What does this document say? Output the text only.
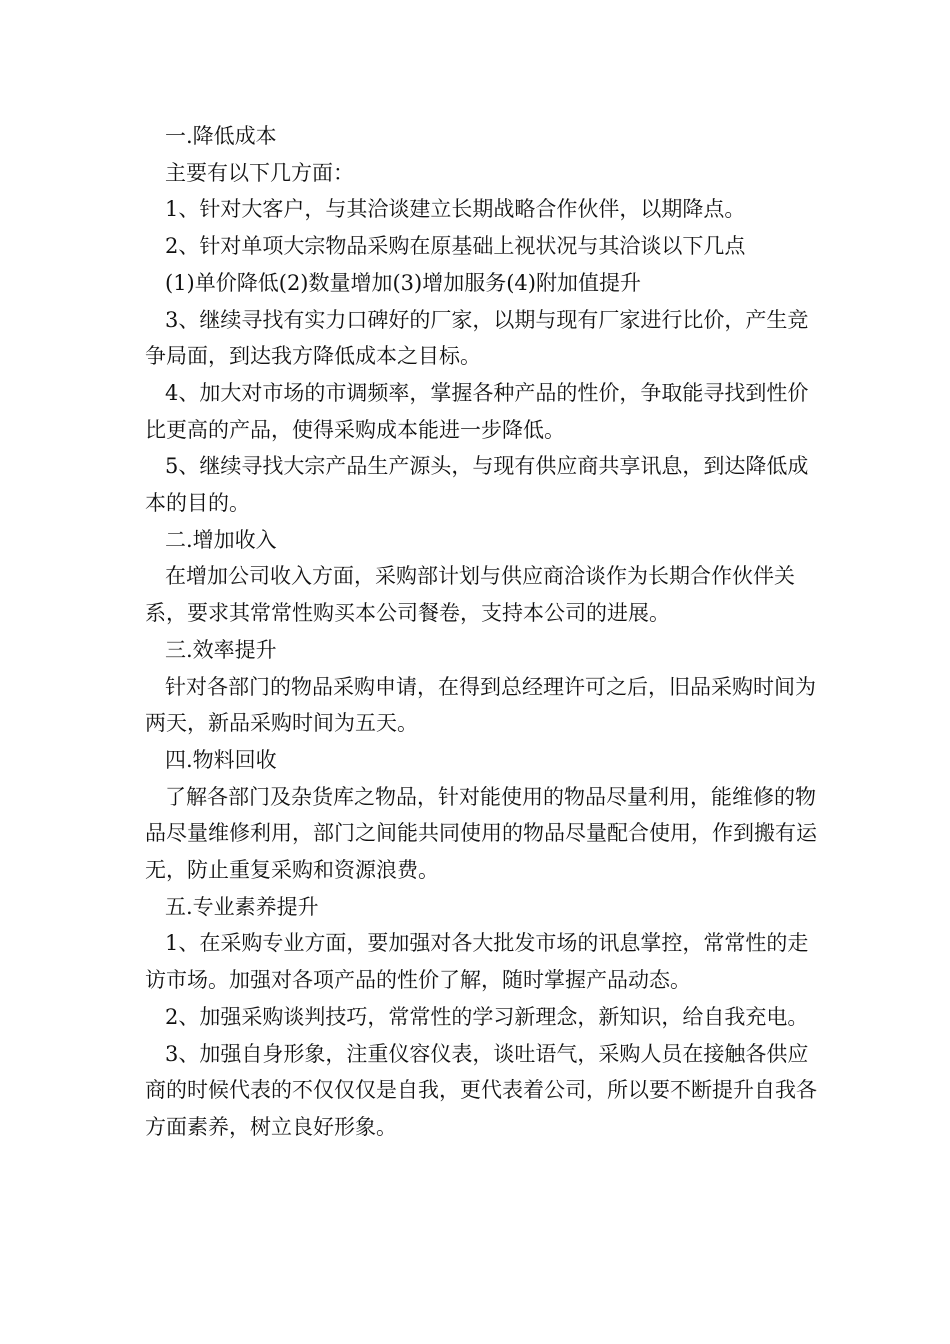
一.降低成本

主要有以下几方面：

1、针对大客户，与其洽谈建立长期战略合作伙伴，以期降点。

2、针对单项大宗物品采购在原基础上视状况与其洽谈以下几点

(1)单价降低(2)数量增加(3)增加服务(4)附加值提升

3、继续寻找有实力口碑好的厂家，以期与现有厂家进行比价，产生竞争局面，到达我方降低成本之目标。

4、加大对市场的市调频率，掌握各种产品的性价，争取能寻找到性价比更高的产品，使得采购成本能进一步降低。

5、继续寻找大宗产品生产源头，与现有供应商共享讯息，到达降低成本的目的。

二.增加收入

在增加公司收入方面，采购部计划与供应商洽谈作为长期合作伙伴关系，要求其常常性购买本公司餐卷，支持本公司的进展。

三.效率提升

针对各部门的物品采购申请，在得到总经理许可之后，旧品采购时间为两天，新品采购时间为五天。

四.物料回收

了解各部门及杂货库之物品，针对能使用的物品尽量利用，能维修的物品尽量维修利用，部门之间能共同使用的物品尽量配合使用，作到搬有运无，防止重复采购和资源浪费。

五.专业素养提升

1、在采购专业方面，要加强对各大批发市场的讯息掌控，常常性的走访市场。加强对各项产品的性价了解，随时掌握产品动态。

2、加强采购谈判技巧，常常性的学习新理念，新知识，给自我充电。

3、加强自身形象，注重仪容仪表，谈吐语气，采购人员在接触各供应商的时候代表的不仅仅仅是自我，更代表着公司，所以要不断提升自我各方面素养，树立良好形象。
